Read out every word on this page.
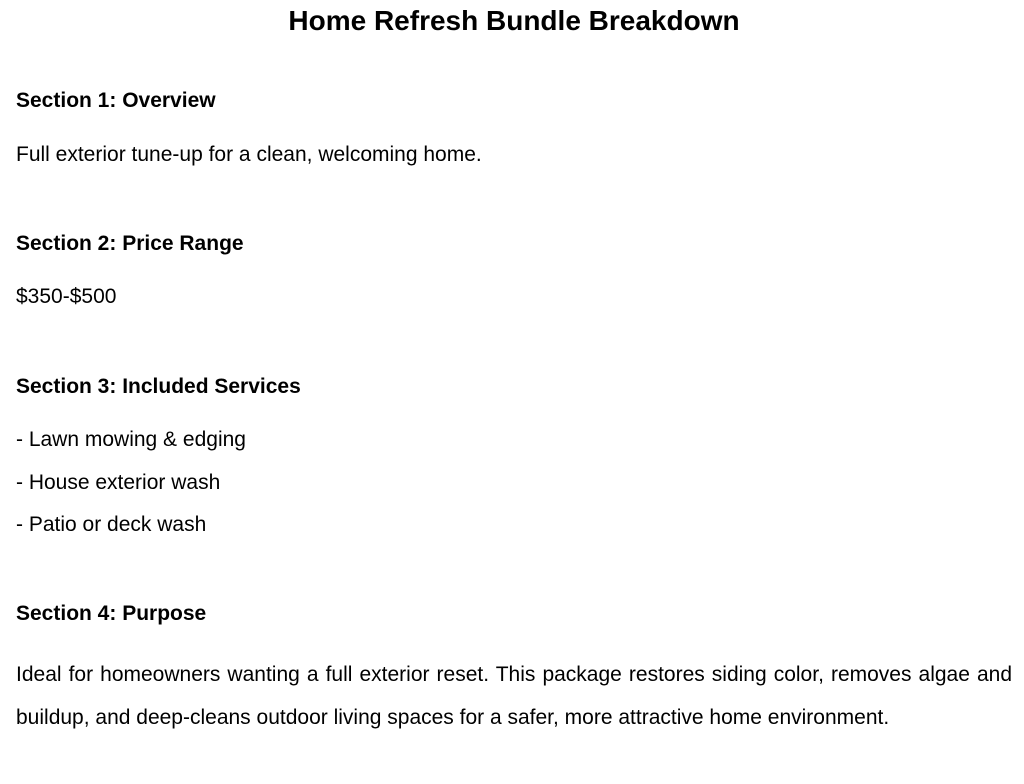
Home Refresh Bundle Breakdown
Section 1: Overview

Full exterior tune-up for a clean, welcoming home.

Section 2: Price Range

$350-$500

Section 3: Included Services
- Lawn mowing & edging
- House exterior wash
- Patio or deck wash
Section 4: Purpose

Ideal for homeowners wanting a full exterior reset. This package restores siding color, removes algae and buildup, and deep-cleans outdoor living spaces for a safer, more attractive home environment.
